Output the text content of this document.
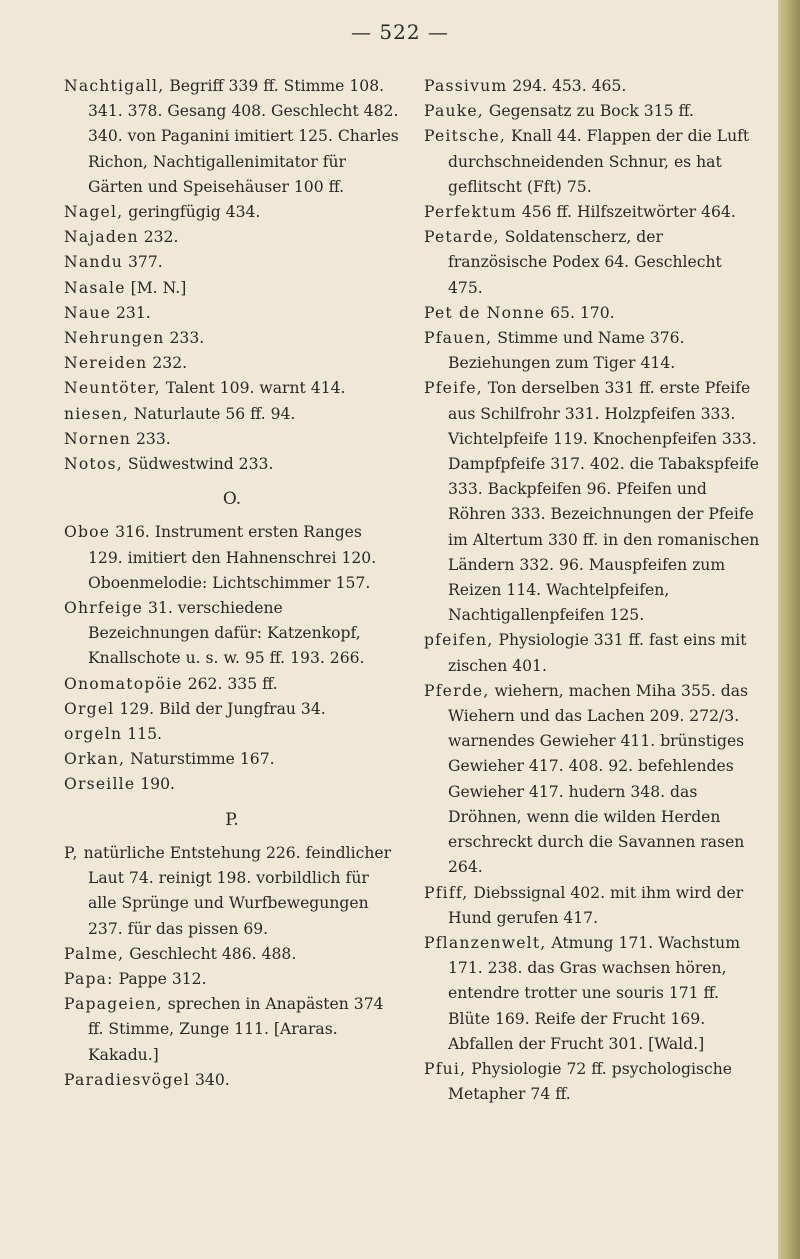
— 522 —

Nachtigall, Begriff 339 ff. Stimme 108. 341. 378. Gesang 408. Geschlecht 482. 340. von Paganini imitiert 125. Charles Richon, Nachtigallenimitator für Gärten und Speisehäuser 100 ff.

Nagel, geringfügig 434.

Najaden 232.

Nandu 377.

Nasale [M. N.]

Naue 231.

Nehrungen 233.

Nereiden 232.

Neuntöter, Talent 109. warnt 414.

niesen, Naturlaute 56 ff. 94.

Nornen 233.

Notos, Südwestwind 233.

O.

Oboe 316. Instrument ersten Ranges 129. imitiert den Hahnenschrei 120. Oboenmelodie: Lichtschimmer 157.

Ohrfeige 31. verschiedene Bezeichnungen dafür: Katzenkopf, Knallschote u. s. w. 95 ff. 193. 266.

Onomatopöie 262. 335 ff.

Orgel 129. Bild der Jungfrau 34.

orgeln 115.

Orkan, Naturstimme 167.

Orseille 190.

P.

P, natürliche Entstehung 226. feindlicher Laut 74. reinigt 198. vorbildlich für alle Sprünge und Wurfbewegungen 237. für das pissen 69.

Palme, Geschlecht 486. 488.

Papa: Pappe 312.

Papageien, sprechen in Anapästen 374 ff. Stimme, Zunge 111. [Araras. Kakadu.]

Paradiesvögel 340.

Passivum 294. 453. 465.

Pauke, Gegensatz zu Bock 315 ff.

Peitsche, Knall 44. Flappen der die Luft durchschneidenden Schnur, es hat geflitscht (Fft) 75.

Perfektum 456 ff. Hilfszeitwörter 464.

Petarde, Soldatenscherz, der französische Podex 64. Geschlecht 475.

Pet de Nonne 65. 170.

Pfauen, Stimme und Name 376. Beziehungen zum Tiger 414.

Pfeife, Ton derselben 331 ff. erste Pfeife aus Schilfrohr 331. Holzpfeifen 333. Vichtelpfeife 119. Knochenpfeifen 333. Dampfpfeife 317. 402. die Tabakspfeife 333. Backpfeifen 96. Pfeifen und Röhren 333. Bezeichnungen der Pfeife im Altertum 330 ff. in den romanischen Ländern 332. 96. Mauspfeifen zum Reizen 114. Wachtelpfeifen, Nachtigallenpfeifen 125.

pfeifen, Physiologie 331 ff. fast eins mit zischen 401.

Pferde, wiehern, machen Miha 355. das Wiehern und das Lachen 209. 272/3. warnendes Gewieher 411. brünstiges Gewieher 417. 408. 92. befehlendes Gewieher 417. hudern 348. das Dröhnen, wenn die wilden Herden erschreckt durch die Savannen rasen 264.

Pfiff, Diebssignal 402. mit ihm wird der Hund gerufen 417.

Pflanzenwelt, Atmung 171. Wachstum 171. 238. das Gras wachsen hören, entendre trotter une souris 171 ff. Blüte 169. Reife der Frucht 169. Abfallen der Frucht 301. [Wald.]

Pfui, Physiologie 72 ff. psychologische Metapher 74 ff.
